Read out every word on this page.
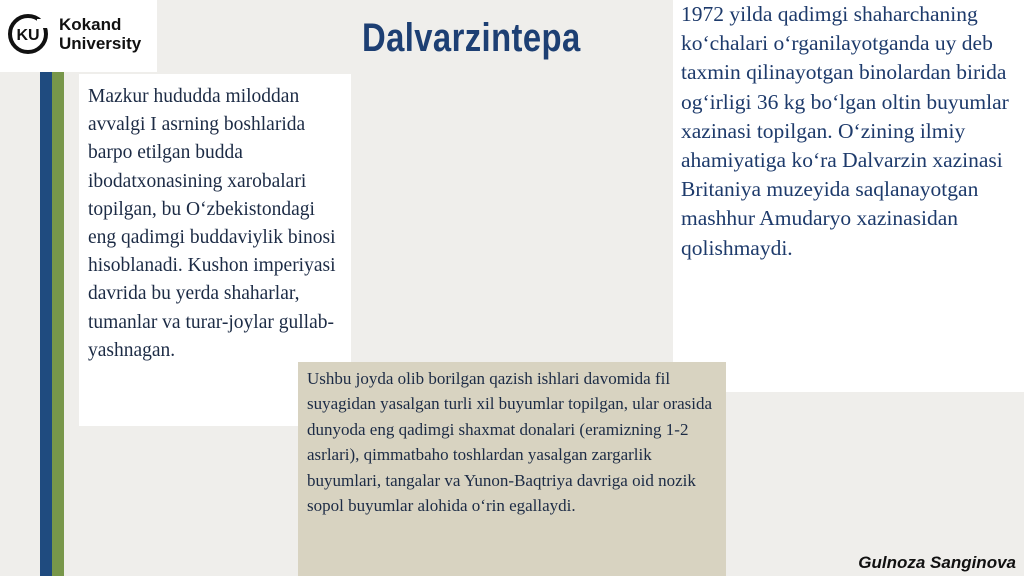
KU
Kokand
University	Dalvarzintepa

Mazkur hududda miloddan avvalgi I asrning boshlarida barpo etilgan budda ibodatxonasining xarobalari topilgan, bu O‘zbekistondagi eng qadimgi buddaviylik binosi hisoblanadi. Kushon imperiyasi davrida bu yerda shaharlar, tumanlar va turar-joylar gullab-yashnagan.

1972 yilda qadimgi shaharchaning ko‘chalari o‘rganilayotganda uy deb taxmin qilinayotgan binolardan birida og‘irligi 36 kg bo‘lgan oltin buyumlar xazinasi topilgan. O‘zining ilmiy ahamiyatiga ko‘ra Dalvarzin xazinasi Britaniya muzeyida saqlanayotgan mashhur Amudaryo xazinasidan qolishmaydi.

Ushbu joyda olib borilgan qazish ishlari davomida fil suyagidan yasalgan turli xil buyumlar topilgan, ular orasida dunyoda eng qadimgi shaxmat donalari (eramizning 1-2 asrlari), qimmatbaho toshlardan yasalgan zargarlik buyumlari, tangalar va Yunon-Baqtriya davriga oid nozik sopol buyumlar alohida o‘rin egallaydi.

Gulnoza Sanginova
